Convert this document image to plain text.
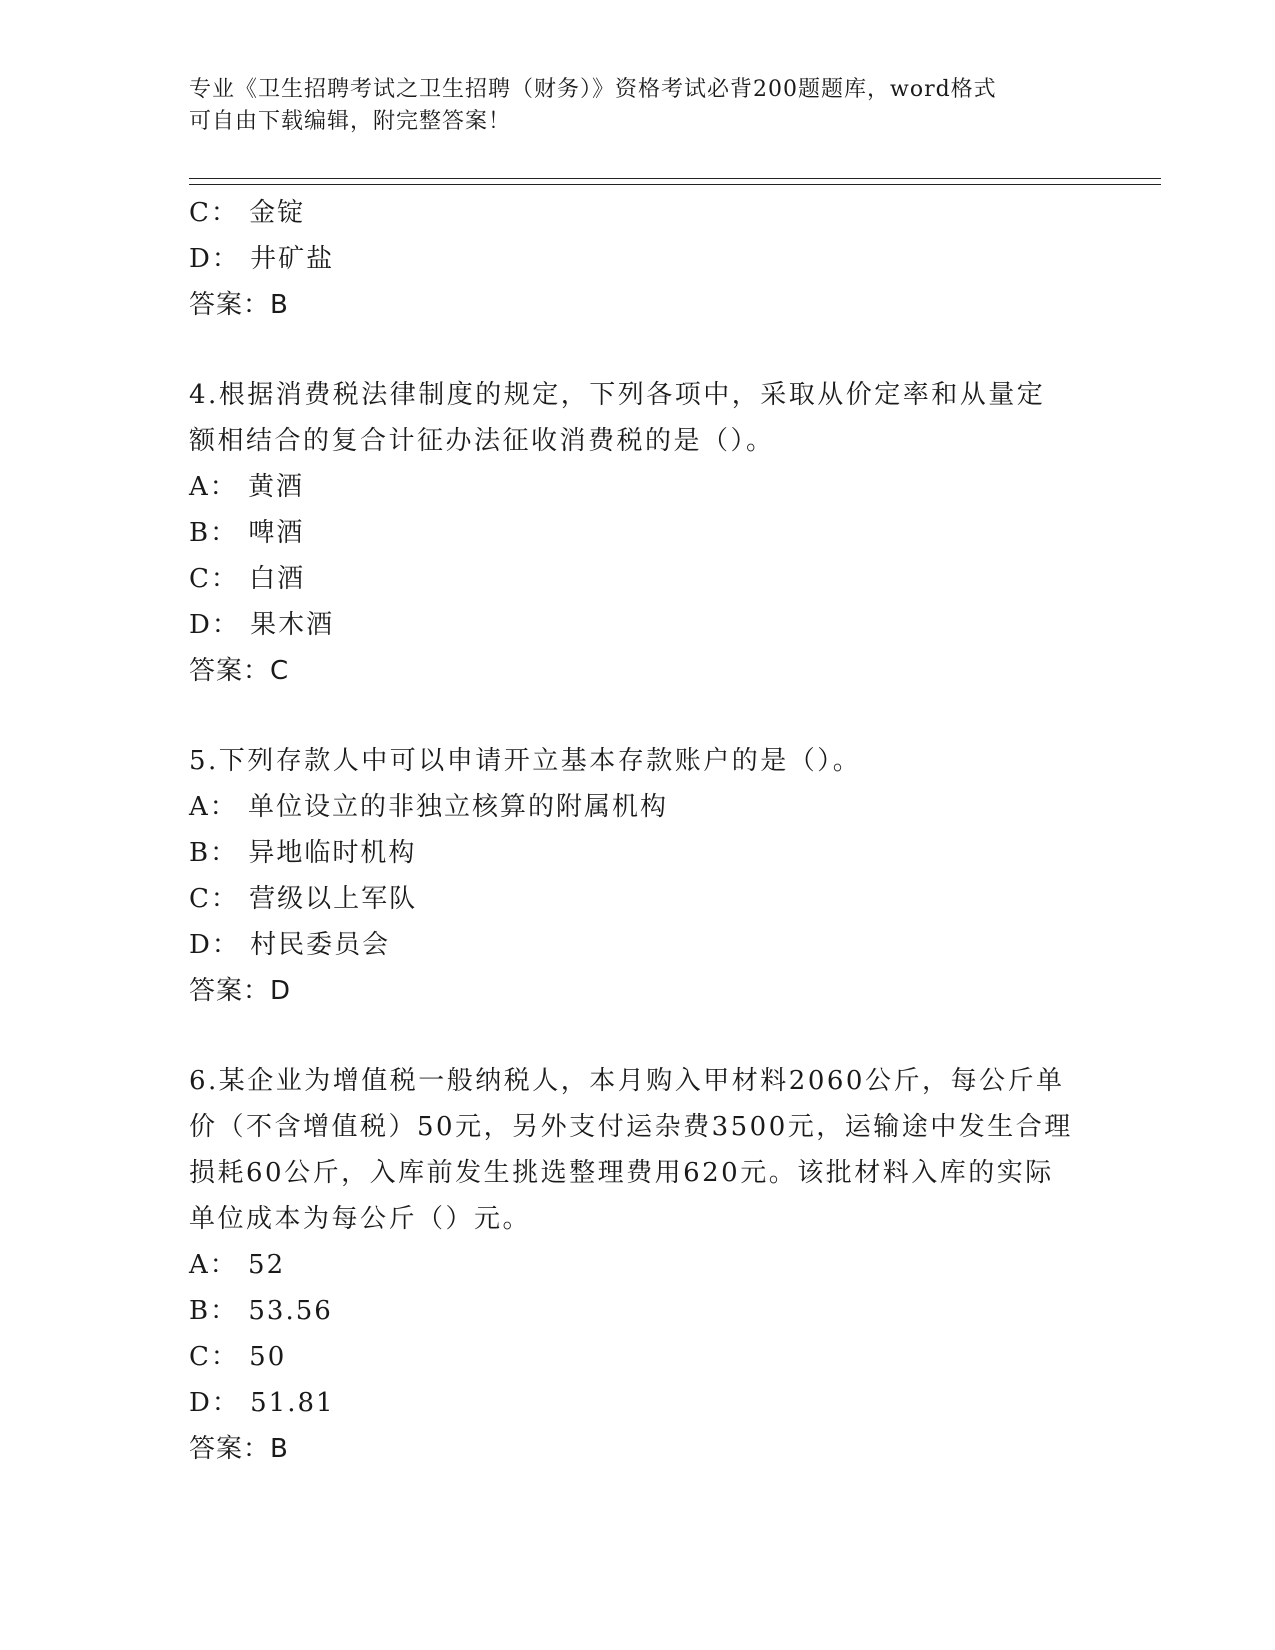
专业《卫生招聘考试之卫生招聘（财务）》资格考试必背200题题库，word格式
可自由下载编辑，附完整答案！
C： 金锭
D： 井矿盐
答案：B
4.根据消费税法律制度的规定，下列各项中，采取从价定率和从量定
额相结合的复合计征办法征收消费税的是（）。
A： 黄酒
B： 啤酒
C： 白酒
D： 果木酒
答案：C
5.下列存款人中可以申请开立基本存款账户的是（）。
A： 单位设立的非独立核算的附属机构
B： 异地临时机构
C： 营级以上军队
D： 村民委员会
答案：D
6.某企业为增值税一般纳税人，本月购入甲材料2060公斤，每公斤单
价（不含增值税）50元，另外支付运杂费3500元，运输途中发生合理
损耗60公斤，入库前发生挑选整理费用620元。该批材料入库的实际
单位成本为每公斤（）元。
A： 52
B： 53.56
C： 50
D： 51.81
答案：B
